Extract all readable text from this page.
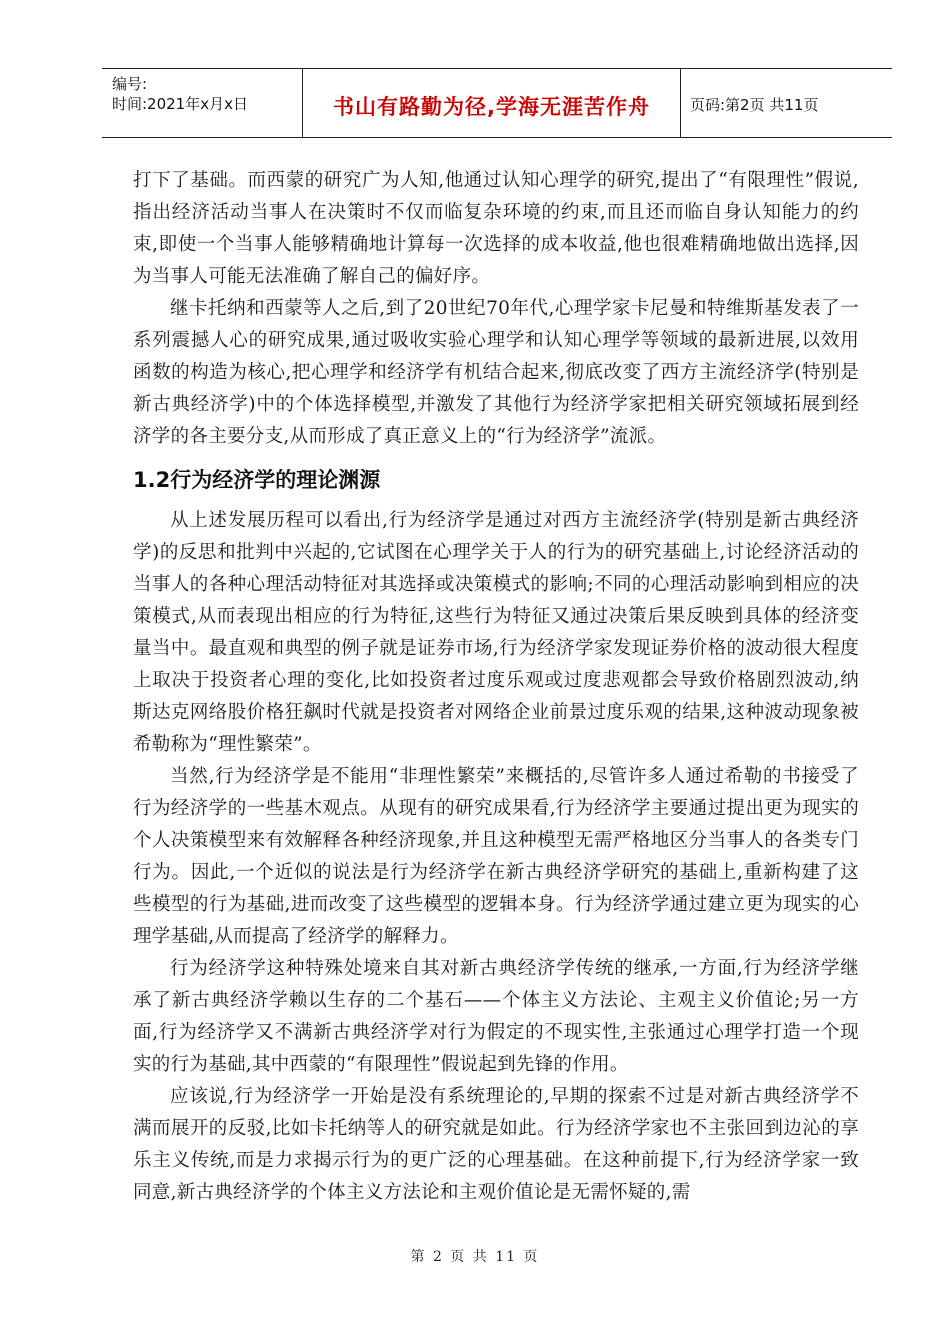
编号:
时间:2021年x月x日	书山有路勤为径,学海无涯苦作舟	页码:第2页 共11页

打下了基础。而西蒙的研究广为人知,他通过认知心理学的研究,提出了“有限理性”假说,指出经济活动当事人在决策时不仅而临复杂环境的约束,而且还而临自身认知能力的约束,即使一个当事人能够精确地计算每一次选择的成本收益,他也很难精确地做出选择,因为当事人可能无法准确了解自己的偏好序。

继卡托纳和西蒙等人之后,到了20世纪70年代,心理学家卡尼曼和特维斯基发表了一系列震撼人心的研究成果,通过吸收实验心理学和认知心理学等领域的最新进展,以效用函数的构造为核心,把心理学和经济学有机结合起来,彻底改变了西方主流经济学(特别是新古典经济学)中的个体选择模型,并激发了其他行为经济学家把相关研究领域拓展到经济学的各主要分支,从而形成了真正意义上的“行为经济学”流派。

1.2行为经济学的理论渊源

从上述发展历程可以看出,行为经济学是通过对西方主流经济学(特别是新古典经济学)的反思和批判中兴起的,它试图在心理学关于人的行为的研究基础上,讨论经济活动的当事人的各种心理活动特征对其选择或决策模式的影响;不同的心理活动影响到相应的决策模式,从而表现出相应的行为特征,这些行为特征又通过决策后果反映到具体的经济变量当中。最直观和典型的例子就是证券市场,行为经济学家发现证券价格的波动很大程度上取决于投资者心理的变化,比如投资者过度乐观或过度悲观都会导致价格剧烈波动,纳斯达克网络股价格狂飙时代就是投资者对网络企业前景过度乐观的结果,这种波动现象被希勒称为“理性繁荣”。

当然,行为经济学是不能用“非理性繁荣”来概括的,尽管许多人通过希勒的书接受了行为经济学的一些基木观点。从现有的研究成果看,行为经济学主要通过提出更为现实的个人决策模型来有效解释各种经济现象,并且这种模型无需严格地区分当事人的各类专门行为。因此,一个近似的说法是行为经济学在新古典经济学研究的基础上,重新构建了这些模型的行为基础,进而改变了这些模型的逻辑本身。行为经济学通过建立更为现实的心理学基础,从而提高了经济学的解释力。

行为经济学这种特殊处境来自其对新古典经济学传统的继承,一方面,行为经济学继承了新古典经济学赖以生存的二个基石——个体主义方法论、主观主义价值论;另一方面,行为经济学又不满新古典经济学对行为假定的不现实性,主张通过心理学打造一个现实的行为基础,其中西蒙的“有限理性”假说起到先锋的作用。

应该说,行为经济学一开始是没有系统理论的,早期的探索不过是对新古典经济学不满而展开的反驳,比如卡托纳等人的研究就是如此。行为经济学家也不主张回到边沁的享乐主义传统,而是力求揭示行为的更广泛的心理基础。在这种前提下,行为经济学家一致同意,新古典经济学的个体主义方法论和主观价值论是无需怀疑的,需

第 2 页 共 11 页
